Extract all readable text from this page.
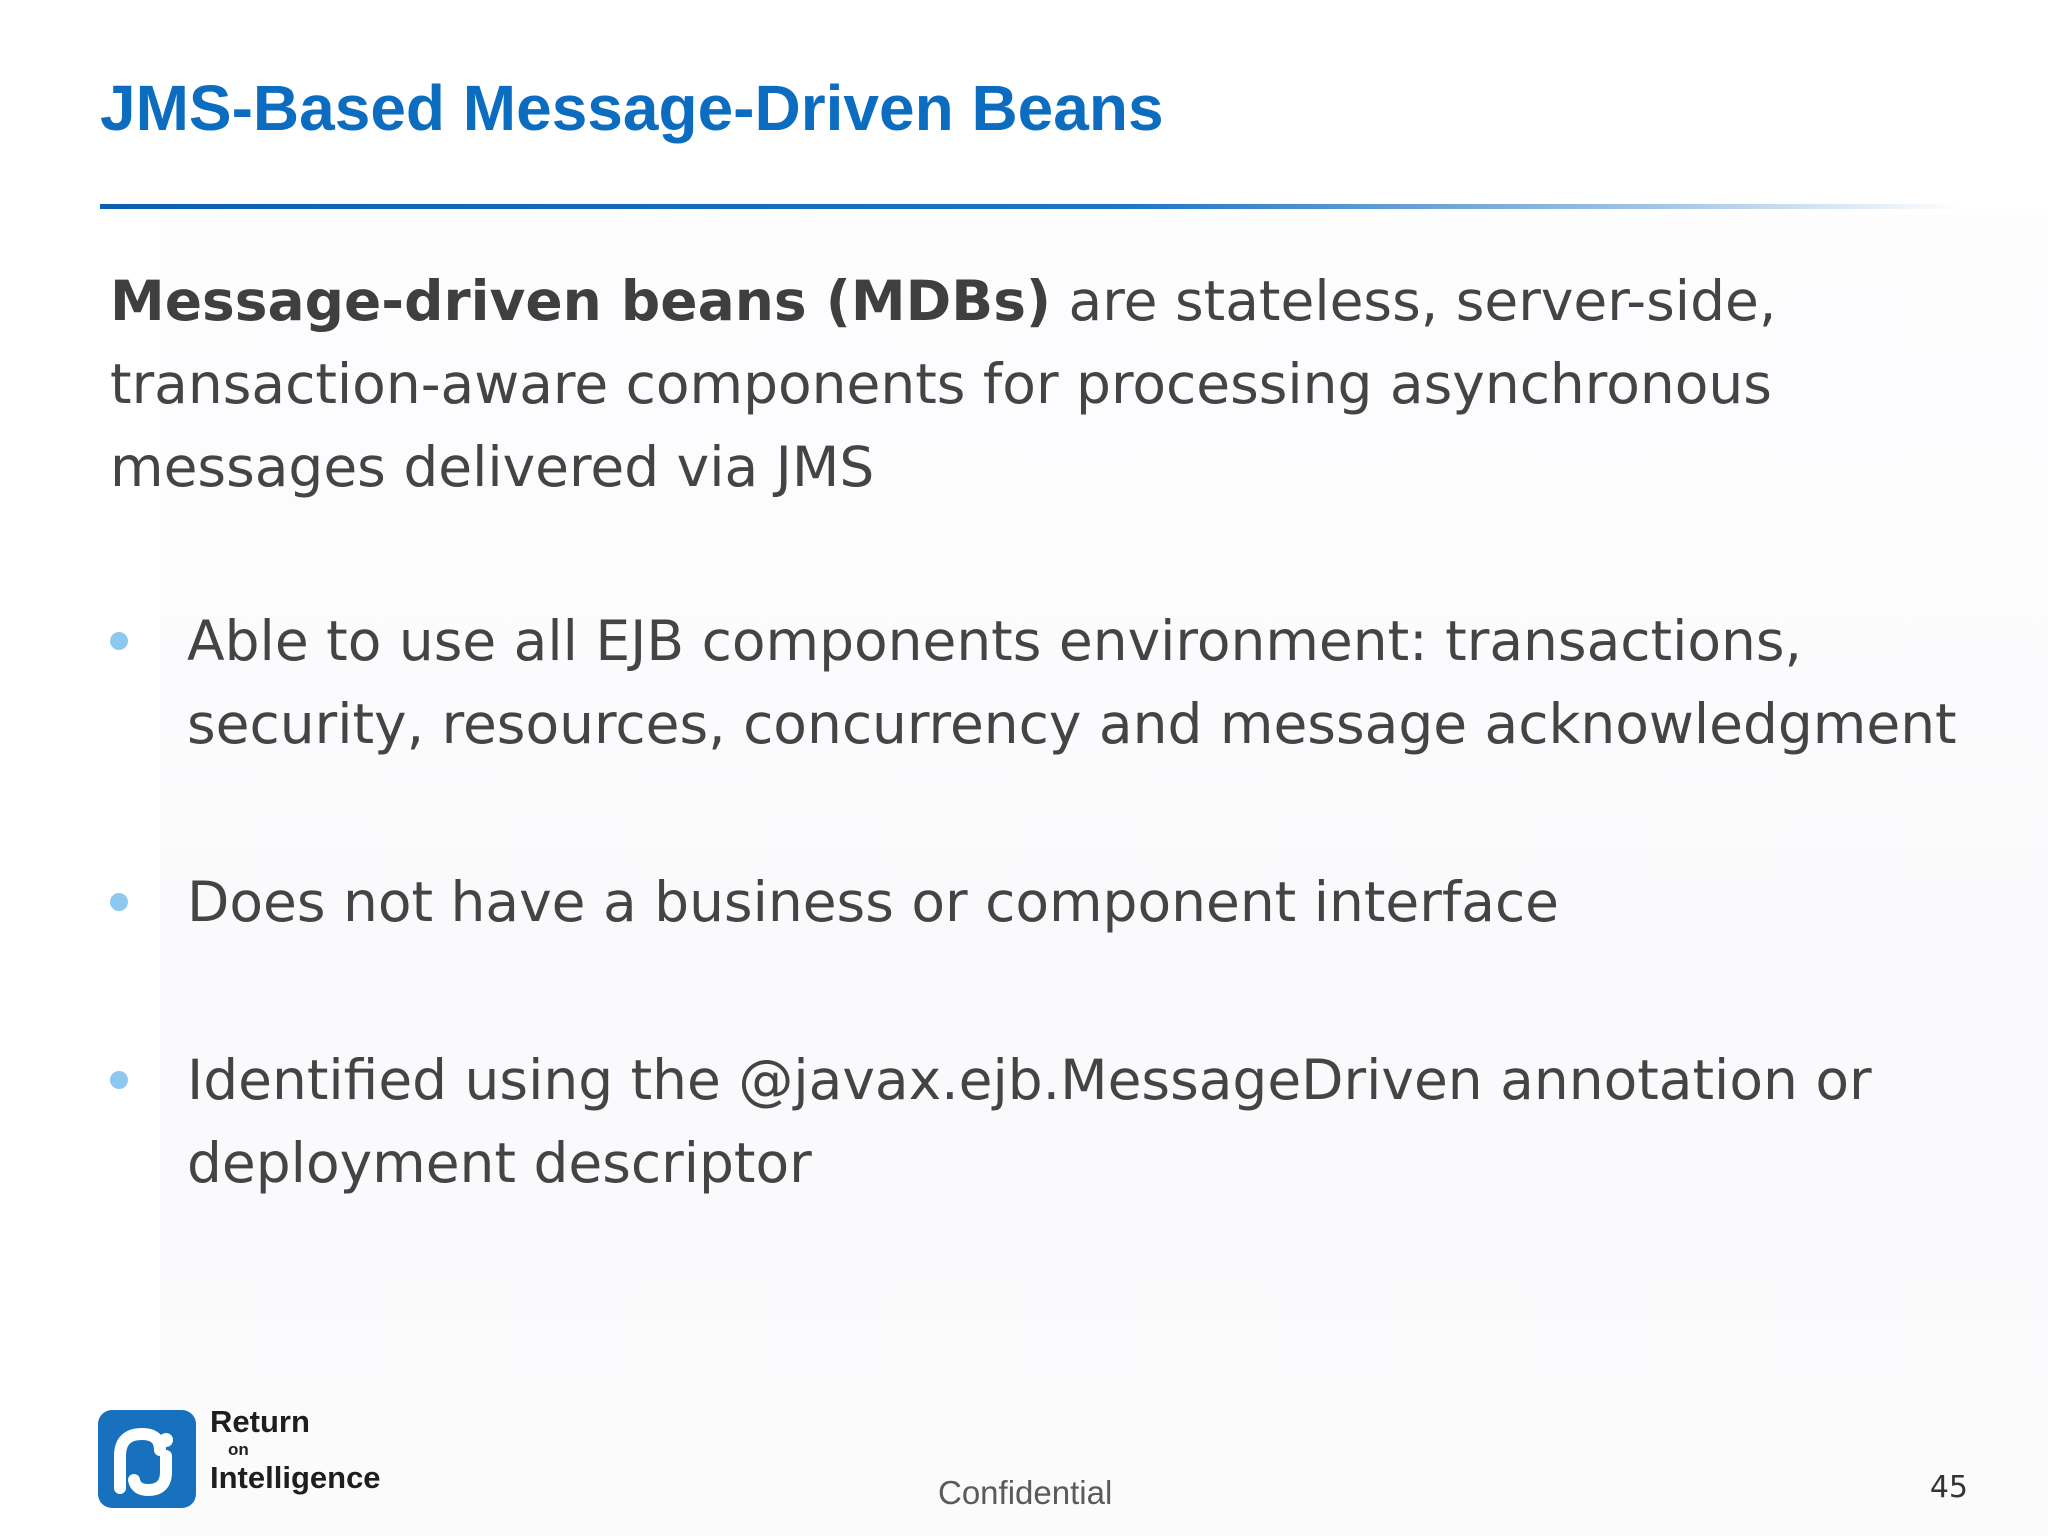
JMS-Based Message-Driven Beans

Message-driven beans (MDBs) are stateless, server-side, transaction-aware components for processing asynchronous messages delivered via JMS

Able to use all EJB components environment: transactions, security, resources, concurrency and message acknowledgment
Does not have a business or component interface
Identified using the @javax.ejb.MessageDriven annotation or deployment descriptor
Return
on
Intelligence	Confidential	45
